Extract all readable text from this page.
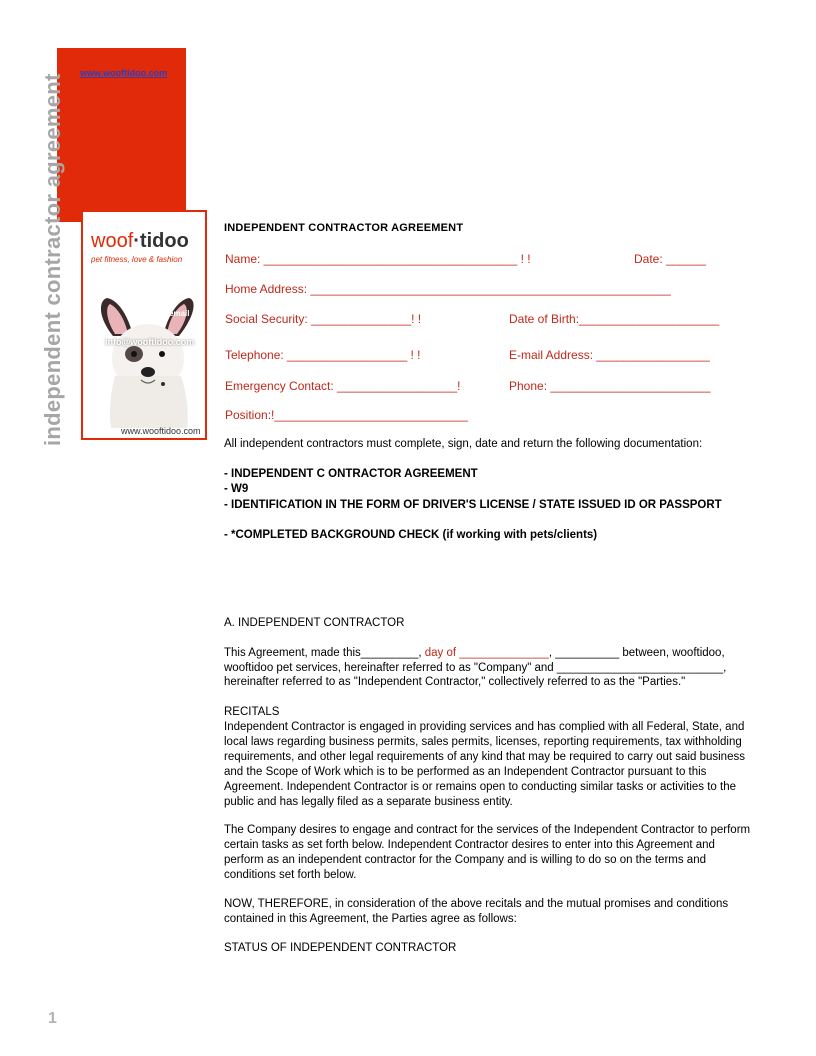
www.wooftidoo.com
independent contractor agreement woof·tidoo
pet fitness, love & fashion
email
info@wooftidoo.com
www.wooftidoo.com
INDEPENDENT CONTRACTOR AGREEMENT
Name: ______________________________________ ! !	Date: ______
Home Address: ______________________________________________________
Social Security: _______________! !	Date of Birth:_____________________
Telephone: __________________ ! !	E-mail Address: _________________
Emergency Contact: __________________!	Phone: ________________________
Position:!_____________________________
All independent contractors must complete, sign, date and return the following documentation:
- INDEPENDENT C ONTRACTOR AGREEMENT
- W9
- IDENTIFICATION IN THE FORM OF DRIVER'S LICENSE / STATE ISSUED ID OR PASSPORT
- *COMPLETED BACKGROUND CHECK (if working with pets/clients)
A. INDEPENDENT CONTRACTOR
This Agreement, made this_________, day of ______________, __________ between, wooftidoo,
wooftidoo pet services, hereinafter referred to as "Company" and __________________________,
hereinafter referred to as "Independent Contractor," collectively referred to as the "Parties."
RECITALS
Independent Contractor is engaged in providing services and has complied with all Federal, State, and
local laws regarding business permits, sales permits, licenses, reporting requirements, tax withholding
requirements, and other legal requirements of any kind that may be required to carry out said business
and the Scope of Work which is to be performed as an Independent Contractor pursuant to this
Agreement. Independent Contractor is or remains open to conducting similar tasks or activities to the
public and has legally filed as a separate business entity.
The Company desires to engage and contract for the services of the Independent Contractor to perform
certain tasks as set forth below. Independent Contractor desires to enter into this Agreement and
perform as an independent contractor for the Company and is willing to do so on the terms and
conditions set forth below.
NOW, THEREFORE, in consideration of the above recitals and the mutual promises and conditions
contained in this Agreement, the Parties agree as follows:
STATUS OF INDEPENDENT CONTRACTOR
1
